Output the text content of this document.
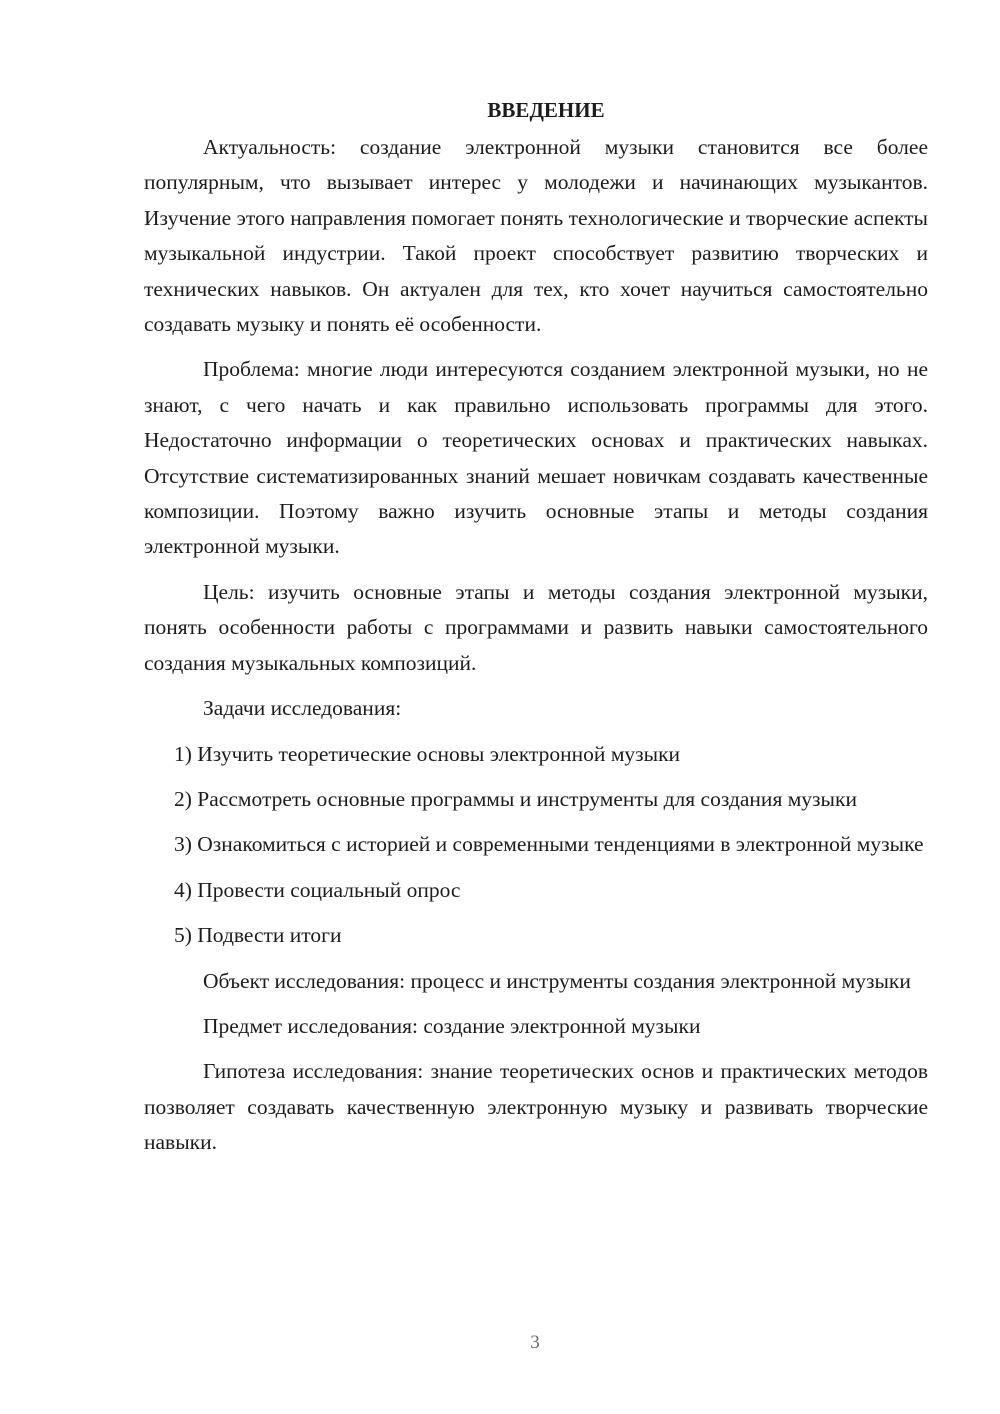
ВВЕДЕНИЕ

Актуальность: создание электронной музыки становится все более популярным, что вызывает интерес у молодежи и начинающих музыкантов. Изучение этого направления помогает понять технологические и творческие аспекты музыкальной индустрии. Такой проект способствует развитию творческих и технических навыков. Он актуален для тех, кто хочет научиться самостоятельно создавать музыку и понять её особенности.

Проблема: многие люди интересуются созданием электронной музыки, но не знают, с чего начать и как правильно использовать программы для этого. Недостаточно информации о теоретических основах и практических навыках. Отсутствие систематизированных знаний мешает новичкам создавать качественные композиции. Поэтому важно изучить основные этапы и методы создания электронной музыки.

Цель: изучить основные этапы и методы создания электронной музыки, понять особенности работы с программами и развить навыки самостоятельного создания музыкальных композиций.

Задачи исследования:

1) Изучить теоретические основы электронной музыки

2) Рассмотреть основные программы и инструменты для создания музыки

3) Ознакомиться с историей и современными тенденциями в электронной музыке

4) Провести социальный опрос

5) Подвести итоги

Объект исследования: процесс и инструменты создания электронной музыки

Предмет исследования: создание электронной музыки

Гипотеза исследования: знание теоретических основ и практических методов позволяет создавать качественную электронную музыку и развивать творческие навыки.

3
